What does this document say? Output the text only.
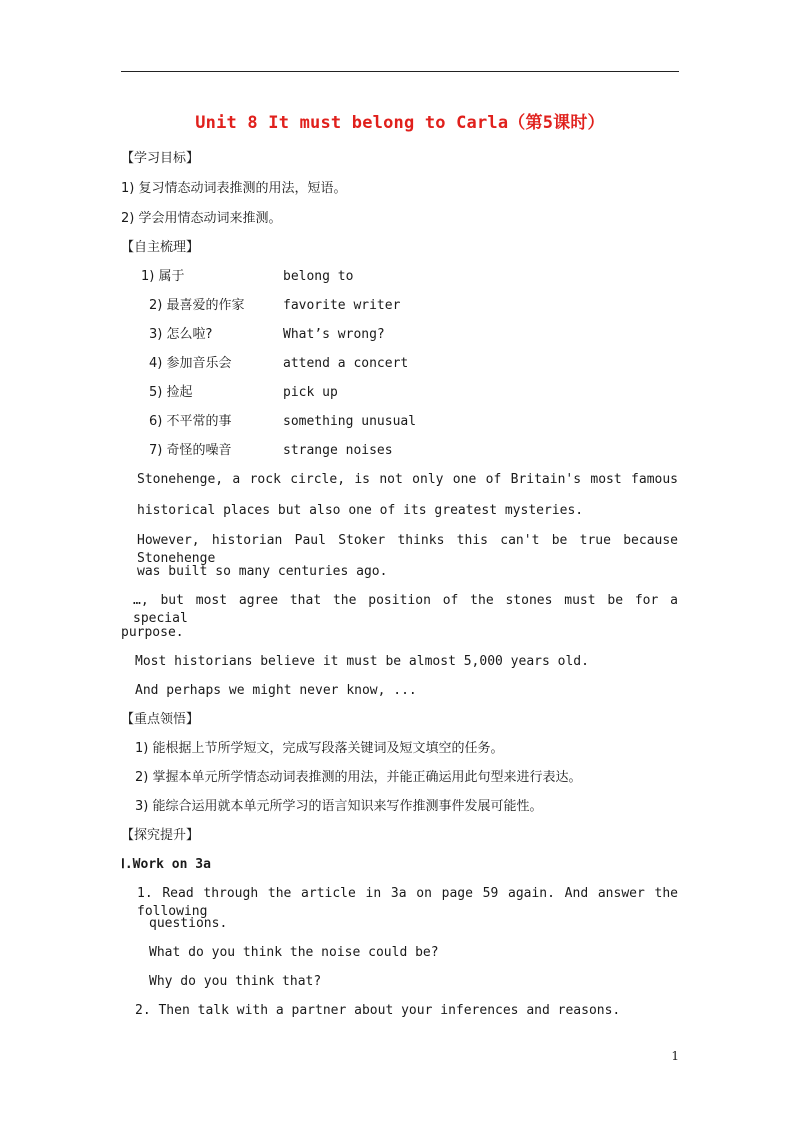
Unit 8 It must belong to Carla（第5课时）
【学习目标】
1) 复习情态动词表推测的用法，短语。
2) 学会用情态动词来推测。
【自主梳理】
1) 属于	belong to
2) 最喜爱的作家	favorite writer
3) 怎么啦?	What’s wrong?
4) 参加音乐会	attend a concert
5) 捡起	pick up
6) 不平常的事	something unusual
7) 奇怪的噪音	strange noises
Stonehenge, a rock circle, is not only one of Britain's most famous
historical places but also one of its greatest mysteries.
However, historian Paul Stoker thinks this can't be true because Stonehenge
was built so many centuries ago.
…, but most agree that the position of the stones must be for a special
purpose.
Most historians believe it must be almost 5,000 years old.
And perhaps we might never know, ...
【重点领悟】
1) 能根据上节所学短文，完成写段落关键词及短文填空的任务。
2) 掌握本单元所学情态动词表推测的用法，并能正确运用此句型来进行表达。
3) 能综合运用就本单元所学习的语言知识来写作推测事件发展可能性。
【探究提升】
Ⅰ.Work on 3a
1. Read through the article in 3a on page 59 again. And answer the following
questions.
What do you think the noise could be?
Why do you think that?
2. Then talk with a partner about your inferences and reasons.
1
